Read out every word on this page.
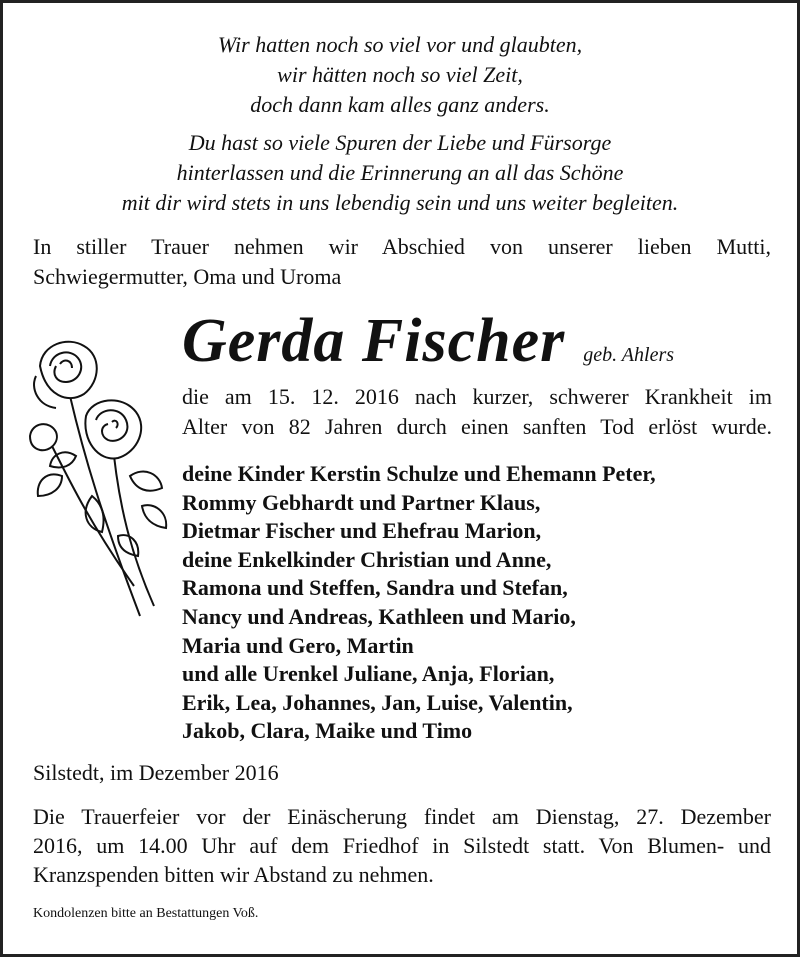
Wir hatten noch so viel vor und glaubten,
wir hätten noch so viel Zeit,
doch dann kam alles ganz anders.
Du hast so viele Spuren der Liebe und Fürsorge
hinterlassen und die Erinnerung an all das Schöne
mit dir wird stets in uns lebendig sein und uns weiter begleiten.
In stiller Trauer nehmen wir Abschied von unserer lieben Mutti,
Schwiegermutter, Oma und Uroma
Gerda Fischer geb. Ahlers
die am 15. 12. 2016 nach kurzer, schwerer Krankheit im
Alter von 82 Jahren durch einen sanften Tod erlöst wurde.
deine Kinder Kerstin Schulze und Ehemann Peter,
Rommy Gebhardt und Partner Klaus,
Dietmar Fischer und Ehefrau Marion,
deine Enkelkinder Christian und Anne,
Ramona und Steffen, Sandra und Stefan,
Nancy und Andreas, Kathleen und Mario,
Maria und Gero, Martin
und alle Urenkel Juliane, Anja, Florian,
Erik, Lea, Johannes, Jan, Luise, Valentin,
Jakob, Clara, Maike und Timo
Silstedt, im Dezember 2016
Die Trauerfeier vor der Einäscherung findet am Dienstag, 27. Dezember
2016, um 14.00 Uhr auf dem Friedhof in Silstedt statt. Von Blumen- und
Kranzspenden bitten wir Abstand zu nehmen.
Kondolenzen bitte an Bestattungen Voß.
